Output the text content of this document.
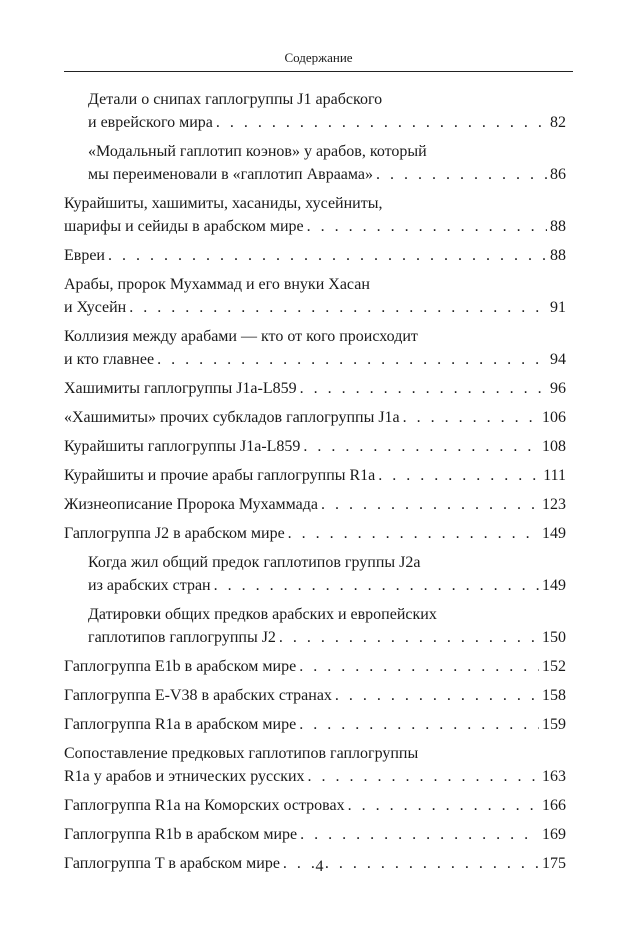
Содержание
Детали о снипах гаплогруппы J1 арабского
и еврейского мира . . .	82
«Модальный гаплотип коэнов» у арабов, который
мы переименовали в «гаплотип Авраама» . . .	86
Курайшиты, хашимиты, хасаниды, хусейниты,
шарифы и сейиды в арабском мире . . .	88
Евреи . . .	88
Арабы, пророк Мухаммад и его внуки Хасан
и Хусейн . . .	91
Коллизия между арабами — кто от кого происходит
и кто главнее . . .	94
Хашимиты гаплогруппы J1a-L859 . . .	96
«Хашимиты» прочих субкладов гаплогруппы J1a . . .	106
Курайшиты гаплогруппы J1a-L859 . . .	108
Курайшиты и прочие арабы гаплогруппы R1a . . .	111
Жизнеописание Пророка Мухаммада . . .	123
Гаплогруппа J2 в арабском мире . . .	149
Когда жил общий предок гаплотипов группы J2a
из арабских стран . . .	149
Датировки общих предков арабских и европейских
гаплотипов гаплогруппы J2 . . .	150
Гаплогруппа E1b в арабском мире . . .	152
Гаплогруппа E-V38 в арабских странах . . .	158
Гаплогруппа R1a в арабском мире . . .	159
Сопоставление предковых гаплотипов гаплогруппы
R1a у арабов и этнических русских . . .	163
Гаплогруппа R1a на Коморских островах . . .	166
Гаплогруппа R1b в арабском мире . . .	169
Гаплогруппа T в арабском мире . . .	175
4
